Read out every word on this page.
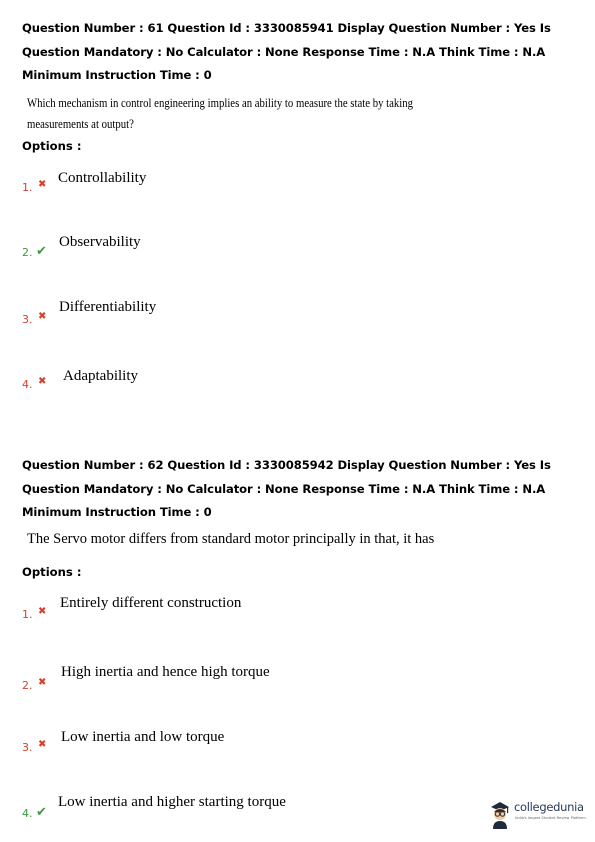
Question Number : 61 Question Id : 3330085941 Display Question Number : Yes Is Question Mandatory : No Calculator : None Response Time : N.A Think Time : N.A Minimum Instruction Time : 0
Which mechanism in control engineering implies an ability to measure the state by taking measurements at output?
Options :
1. ✖ Controllability
2. ✔
Observability
3. ✖
Differentiability
4. ✖ Adaptability
Question Number : 62 Question Id : 3330085942 Display Question Number : Yes Is Question Mandatory : No Calculator : None Response Time : N.A Think Time : N.A Minimum Instruction Time : 0
The Servo motor differs from standard motor principally in that, it has
Options :
1. ✖
Entirely different construction
2. ✖
High inertia and hence high torque
3. ✖ Low inertia and low torque
4. ✔
Low inertia and higher starting torque	collegedunia
India's largest Student Review Platform
